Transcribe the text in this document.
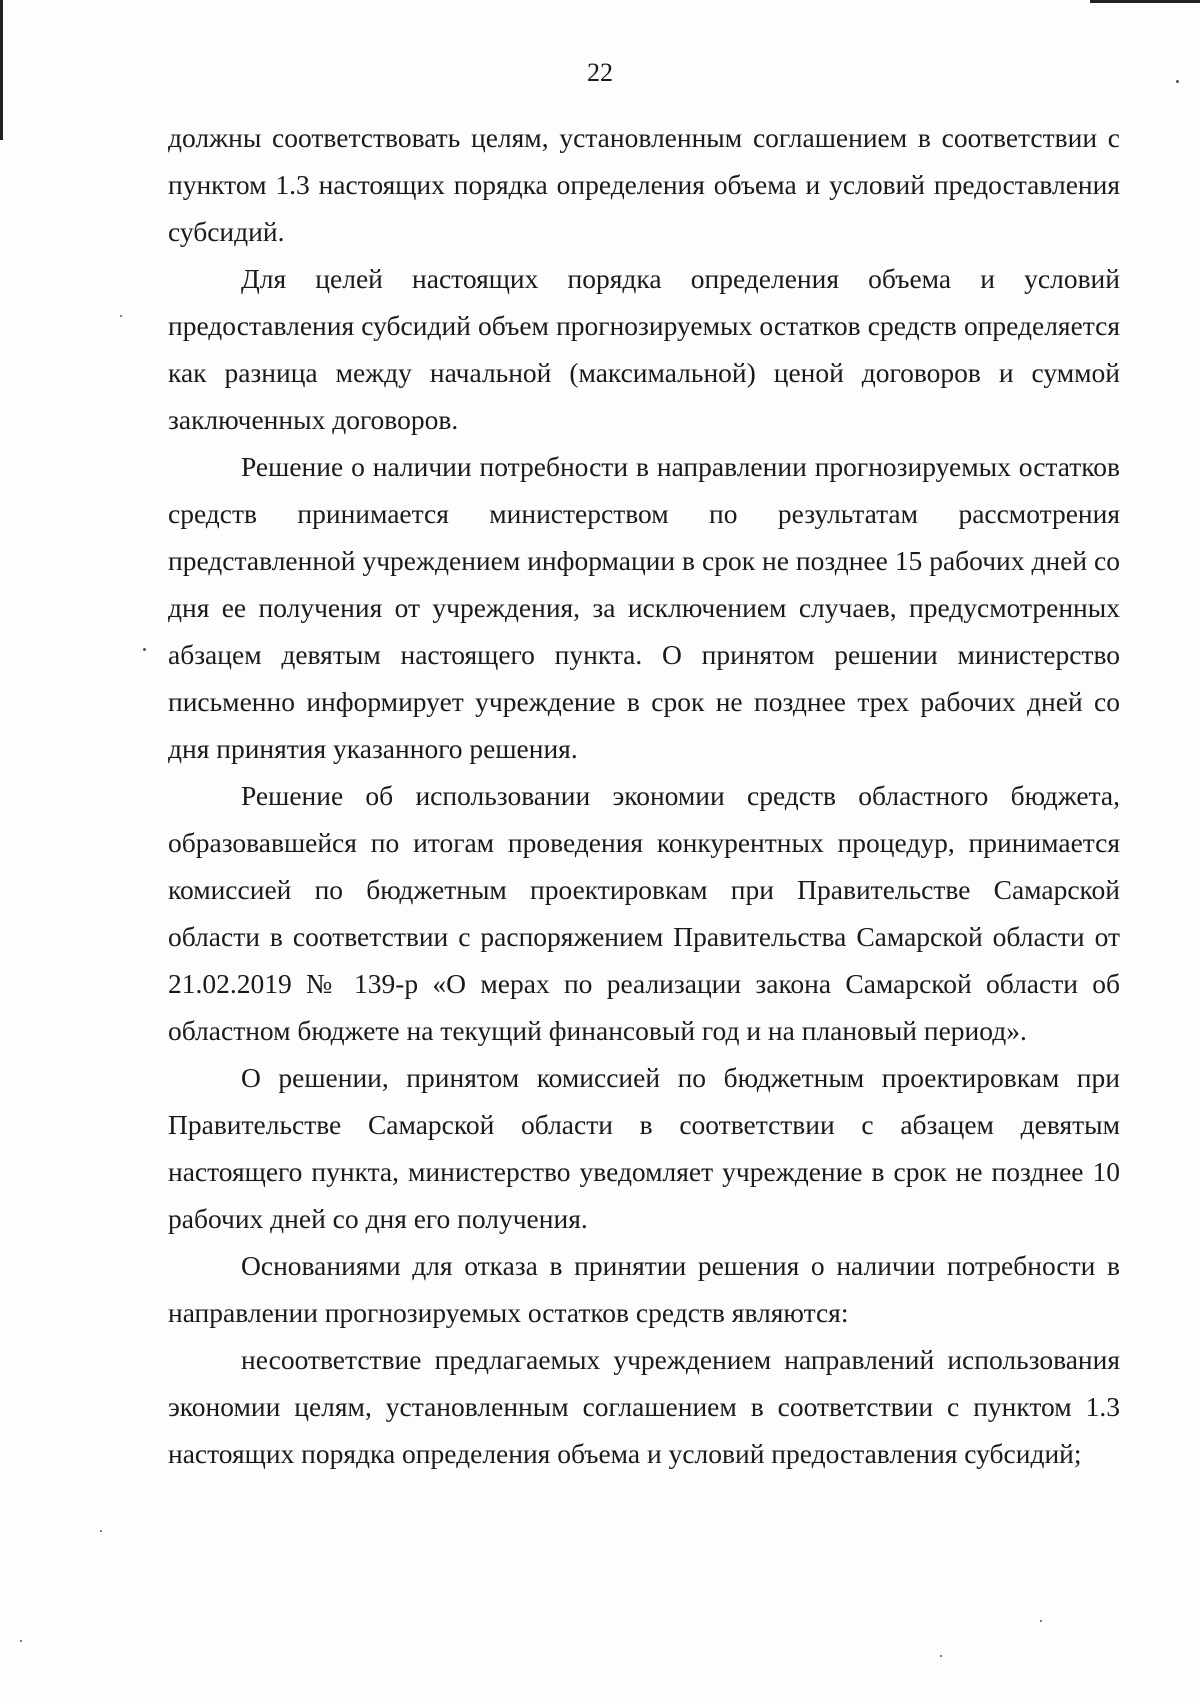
22

должны соответствовать целям, установленным соглашением в соответствии с пунктом 1.3 настоящих порядка определения объема и условий предоставления субсидий.

Для целей настоящих порядка определения объема и условий предоставления субсидий объем прогнозируемых остатков средств определяется как разница между начальной (максимальной) ценой договоров и суммой заключенных договоров.

Решение о наличии потребности в направлении прогнозируемых остатков средств принимается министерством по результатам рассмотрения представленной учреждением информации в срок не позднее 15 рабочих дней со дня ее получения от учреждения, за исключением случаев, предусмотренных абзацем девятым настоящего пункта. О принятом решении министерство письменно информирует учреждение в срок не позднее трех рабочих дней со дня принятия указанного решения.

Решение об использовании экономии средств областного бюджета, образовавшейся по итогам проведения конкурентных процедур, принимается комиссией по бюджетным проектировкам при Правительстве Самарской области в соответствии с распоряжением Правительства Самарской области от 21.02.2019 № 139-р «О мерах по реализации закона Самарской области об областном бюджете на текущий финансовый год и на плановый период».

О решении, принятом комиссией по бюджетным проектировкам при Правительстве Самарской области в соответствии с абзацем девятым настоящего пункта, министерство уведомляет учреждение в срок не позднее 10 рабочих дней со дня его получения.

Основаниями для отказа в принятии решения о наличии потребности в направлении прогнозируемых остатков средств являются:

несоответствие предлагаемых учреждением направлений использования экономии целям, установленным соглашением в соответствии с пунктом 1.3 настоящих порядка определения объема и условий предоставления субсидий;
